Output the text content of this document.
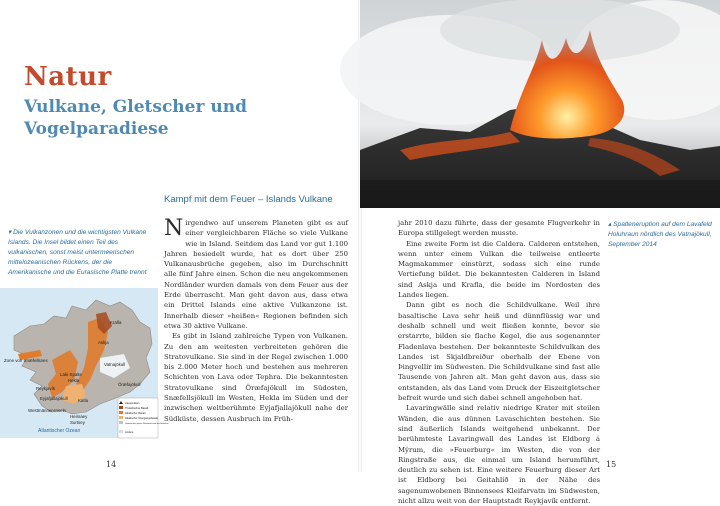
Natur
Vulkane, Gletscher und Vogelparadiese
Kampf mit dem Feuer – Islands Vulkane
▾ Die Vulkanzonen und die wichtigsten Vulkane Islands. Die Insel bildet einen Teil des vulkanischen, sonst meist untermeerischen mittelozeanischen Rückens, der die Amerikanische und die Eurasische Platte trennt
▴ Spalteneruption auf dem Lavafeld Holuhraun nördlich des Vatnajökull, September 2014
Zone von Snæfellsnes
Atlantischer Ozean
Reykjavík
Hekla
Katla
Askja
Krafla
Vatnajökull
Eyjafjallajökull
Heimaey
Surtsey
Laki-Spalte
Öræfajökull
Westmänner-Inseln
Hauptvulkan
Tholeiitischer Basalt
Alkalischer Basalt
Alkalischer Übergangsbasalt
Gesteine des späten Pleistozäns und des Holozäns
Andere

Nirgendwo auf unserem Planeten gibt es auf einer vergleichbaren Fläche so viele Vulkane wie in Island. Seitdem das Land vor gut 1.100 Jahren besiedelt wurde, hat es dort über 250 Vulkanausbrüche gegeben, also im Durchschnitt alle fünf Jahre einen. Schon die neu angekommenen Nordländer wurden damals von dem Feuer aus der Erde überrascht. Man geht davon aus, dass etwa ein Drittel Islands eine aktive Vulkanzone ist. Innerhalb dieser »heißen« Regionen befinden sich etwa 30 aktive Vulkane.

Es gibt in Island zahlreiche Typen von Vulkanen. Zu den am weitesten verbreiteten gehören die Stratovulkane. Sie sind in der Regel zwischen 1.000 bis 2.000 Meter hoch und bestehen aus mehreren Schichten von Lava oder Tephra. Die bekanntesten Stratovulkane sind Öræfajökull im Südosten, Snæfellsjökull im Westen, Hekla im Süden und der inzwischen weltberühmte Eyjafjallajökull nahe der Südküste, dessen Ausbruch im Früh-

jahr 2010 dazu führte, dass der gesamte Flugverkehr in Europa stillgelegt werden musste.

Eine zweite Form ist die Caldera. Calderen entstehen, wenn unter einem Vulkan die teilweise entleerte Magmakammer einstürzt, sodass sich eine runde Vertiefung bildet. Die bekanntesten Calderen in Island sind Askja und Krafla, die beide im Nordosten des Landes liegen.

Dann gibt es noch die Schildvulkane. Weil ihre basaltische Lava sehr heiß und dünnflüssig war und deshalb schnell und weit fließen konnte, bevor sie erstarrte, bilden sie flache Kegel, die aus sogenannter Fladenlava bestehen. Der bekannteste Schildvulkan des Landes ist Skjaldbreiður oberhalb der Ebene von Þingvellir im Südwesten. Die Schildvulkane sind fast alle Tausende von Jahren alt. Man geht davon aus, dass sie entstanden, als das Land vom Druck der Eiszeitgletscher befreit wurde und sich dabei schnell angehoben hat.

Lavaringwälle sind relativ niedrige Krater mit steilen Wänden, die aus dünnen Lavaschichten bestehen. Sie sind äußerlich Islands weitgehend unbekannt. Der berühmteste Lavaringwall des Landes ist Eldborg á Mýrum, die »Feuerburg« im Westen, die von der Ringstraße aus, die einmal um Island herumführt, deutlich zu sehen ist. Eine weitere Feuerburg dieser Art ist Eldborg bei Geitahlíð in der Nähe des sagenumwobenen Binnensees Kleifarvatn im Südwesten, nicht allzu weit von der Hauptstadt Reykjavík entfernt.

14	15
